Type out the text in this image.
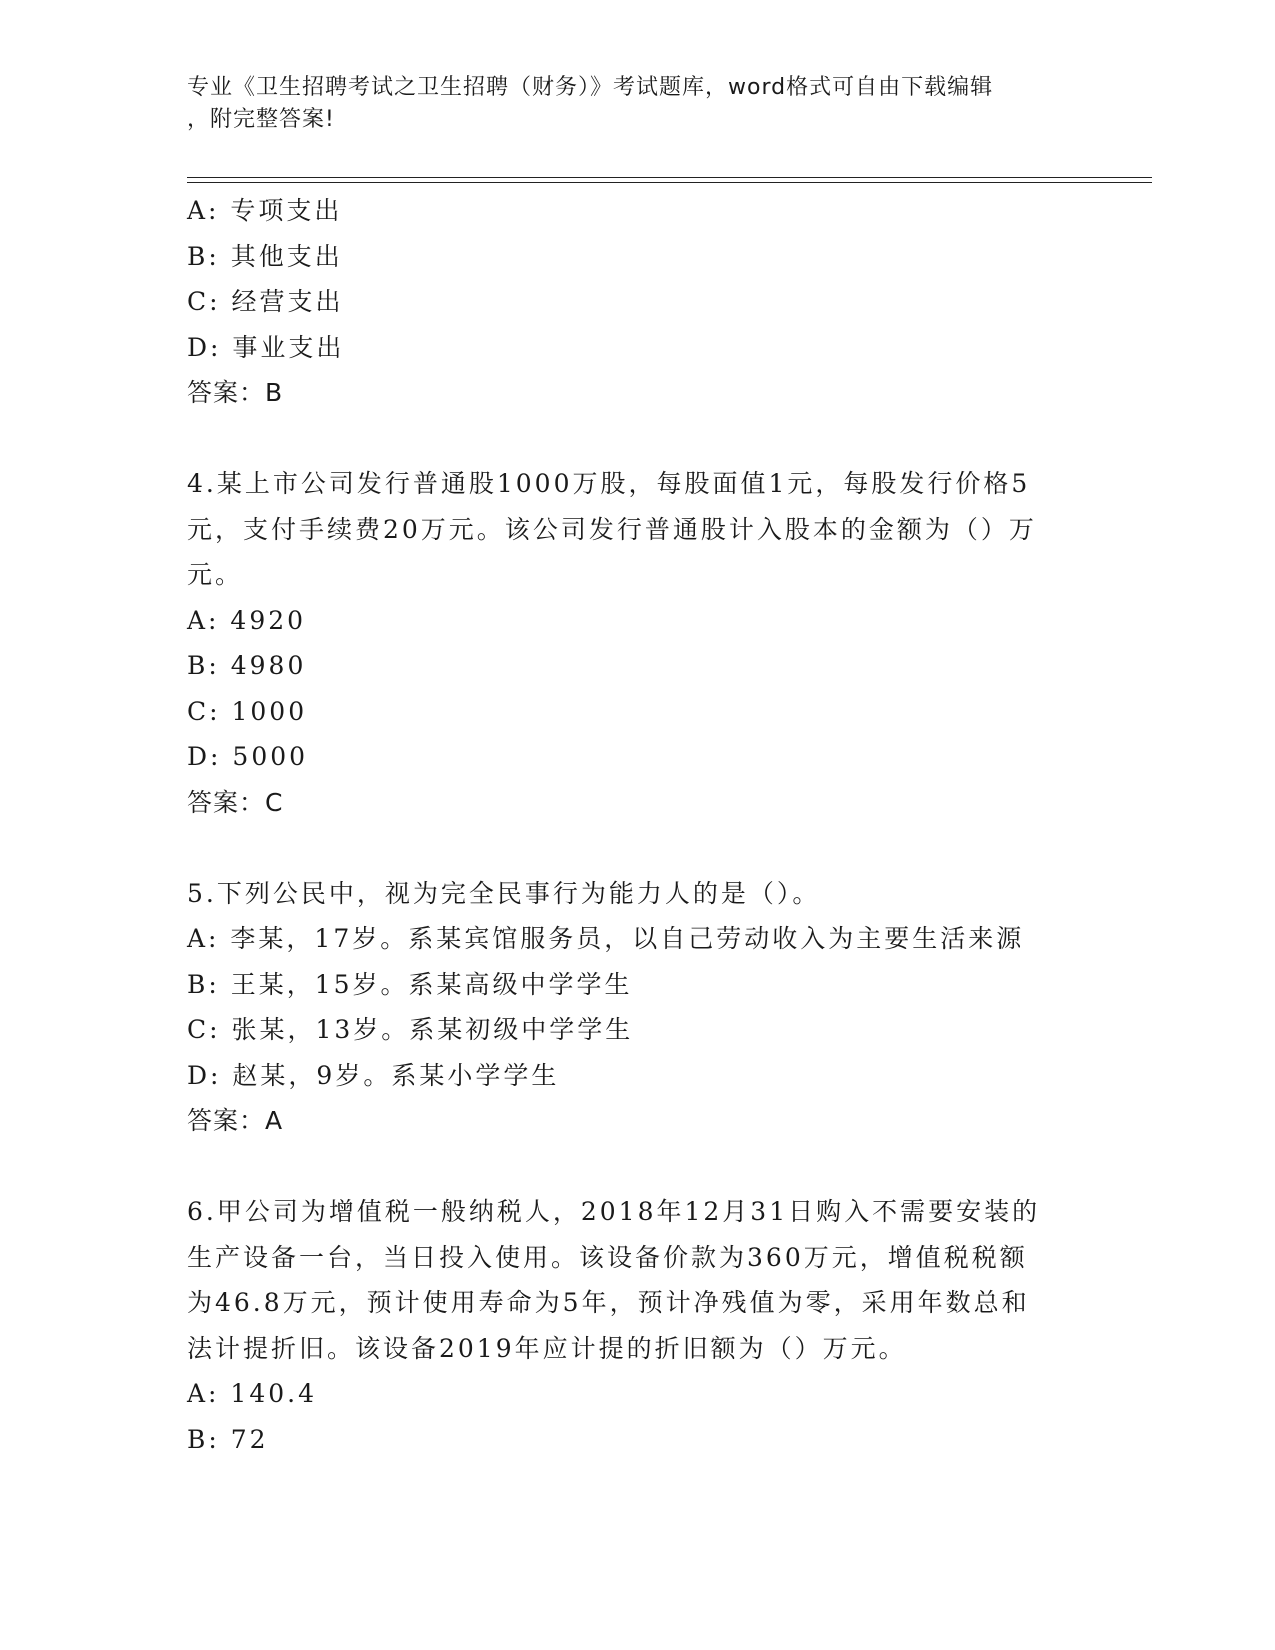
专业《卫生招聘考试之卫生招聘（财务）》考试题库，word格式可自由下载编辑
，附完整答案!
A: 专项支出
B: 其他支出
C: 经营支出
D: 事业支出
答案：B
4.某上市公司发行普通股1000万股，每股面值1元，每股发行价格5
元，支付手续费20万元。该公司发行普通股计入股本的金额为（）万
元。
A: 4920
B: 4980
C: 1000
D: 5000
答案：C
5.下列公民中，视为完全民事行为能力人的是（）。
A: 李某，17岁。系某宾馆服务员，以自己劳动收入为主要生活来源
B: 王某，15岁。系某高级中学学生
C: 张某，13岁。系某初级中学学生
D: 赵某，9岁。系某小学学生
答案：A
6.甲公司为增值税一般纳税人，2018年12月31日购入不需要安装的
生产设备一台，当日投入使用。该设备价款为360万元，增值税税额
为46.8万元，预计使用寿命为5年，预计净残值为零，采用年数总和
法计提折旧。该设备2019年应计提的折旧额为（）万元。
A: 140.4
B: 72
